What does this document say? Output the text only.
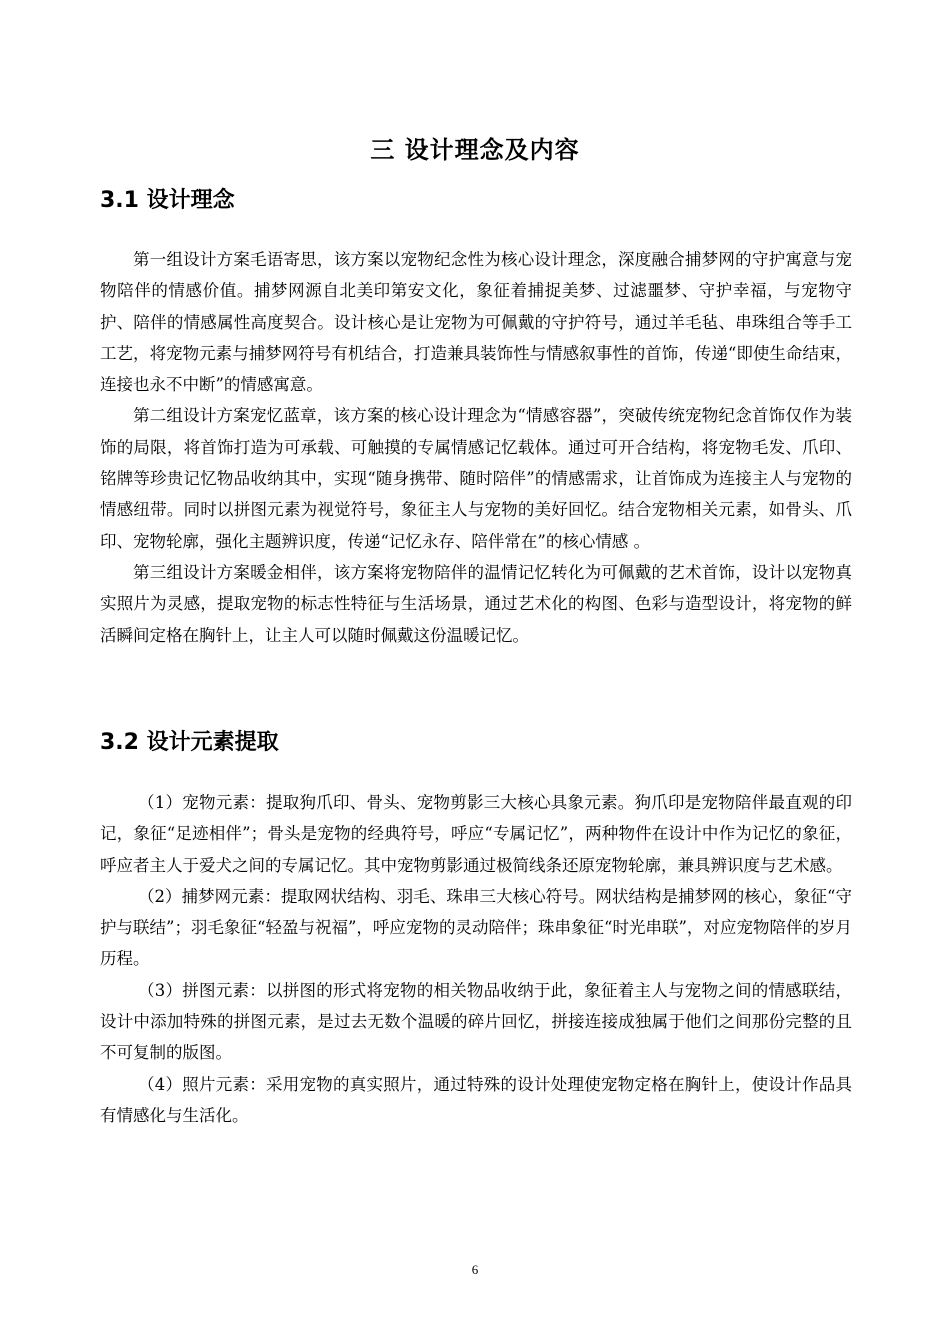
三 设计理念及内容
3.1 设计理念

第一组设计方案毛语寄思，该方案以宠物纪念性为核心设计理念，深度融合捕梦网的守护寓意与宠物陪伴的情感价值。捕梦网源自北美印第安文化，象征着捕捉美梦、过滤噩梦、守护幸福，与宠物守护、陪伴的情感属性高度契合。设计核心是让宠物为可佩戴的守护符号，通过羊毛毡、串珠组合等手工工艺，将宠物元素与捕梦网符号有机结合，打造兼具装饰性与情感叙事性的首饰，传递“即使生命结束，连接也永不中断”的情感寓意。

第二组设计方案宠忆蓝章，该方案的核心设计理念为“情感容器”，突破传统宠物纪念首饰仅作为装饰的局限，将首饰打造为可承载、可触摸的专属情感记忆载体。通过可开合结构，将宠物毛发、爪印、铭牌等珍贵记忆物品收纳其中，实现“随身携带、随时陪伴”的情感需求，让首饰成为连接主人与宠物的情感纽带。同时以拼图元素为视觉符号，象征主人与宠物的美好回忆。结合宠物相关元素，如骨头、爪印、宠物轮廓，强化主题辨识度，传递“记忆永存、陪伴常在”的核心情感 。

第三组设计方案暖金相伴，该方案将宠物陪伴的温情记忆转化为可佩戴的艺术首饰，设计以宠物真实照片为灵感，提取宠物的标志性特征与生活场景，通过艺术化的构图、色彩与造型设计，将宠物的鲜活瞬间定格在胸针上，让主人可以随时佩戴这份温暖记忆。

3.2 设计元素提取

（1）宠物元素：提取狗爪印、骨头、宠物剪影三大核心具象元素。狗爪印是宠物陪伴最直观的印记，象征“足迹相伴”；骨头是宠物的经典符号，呼应“专属记忆”，两种物件在设计中作为记忆的象征，呼应者主人于爱犬之间的专属记忆。其中宠物剪影通过极简线条还原宠物轮廓，兼具辨识度与艺术感。

（2）捕梦网元素：提取网状结构、羽毛、珠串三大核心符号。网状结构是捕梦网的核心，象征“守护与联结”；羽毛象征“轻盈与祝福”，呼应宠物的灵动陪伴；珠串象征“时光串联”，对应宠物陪伴的岁月历程。

（3）拼图元素：以拼图的形式将宠物的相关物品收纳于此，象征着主人与宠物之间的情感联结，设计中添加特殊的拼图元素，是过去无数个温暖的碎片回忆，拼接连接成独属于他们之间那份完整的且不可复制的版图。

（4）照片元素：采用宠物的真实照片，通过特殊的设计处理使宠物定格在胸针上，使设计作品具有情感化与生活化。

6
